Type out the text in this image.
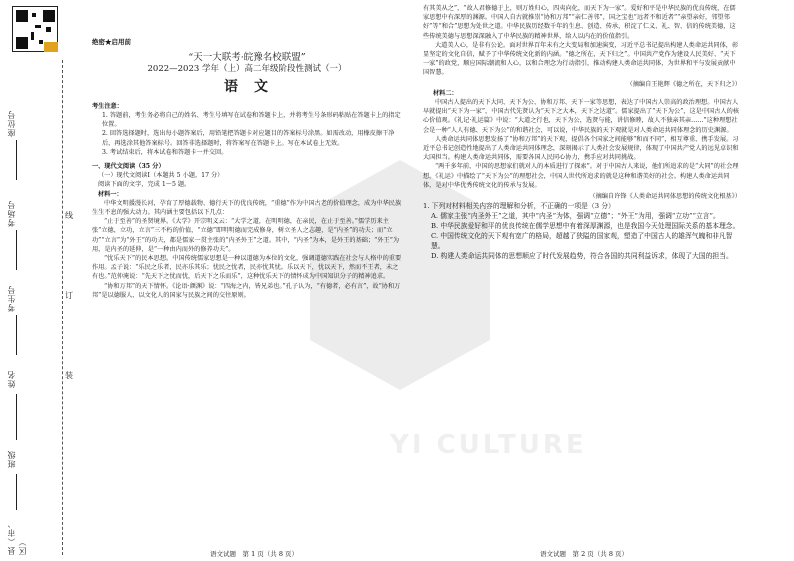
座位号
考场号
考生号
姓名
班级
县（市、区）
线
订
装
YI CULTURE
绝密★启用前
“天一大联考·皖豫名校联盟”
2022—2023 学年（上）高二年级阶段性测试（一）
语文
考生注意：

1. 答题前，考生务必将自己的姓名、考生号填写在试卷和答题卡上，并将考生号条形码粘贴在答题卡上的指定位置。

2. 回答选择题时，选出每小题答案后，用铅笔把答题卡对应题目的答案标号涂黑。如需改动，用橡皮擦干净后，再选涂其他答案标号。回答非选择题时，将答案写在答题卡上。写在本试卷上无效。

3. 考试结束后，将本试卷和答题卡一并交回。

一、现代文阅读（35 分）
（一）现代文阅读Ⅰ（本题共 5 小题，17 分）
阅读下面的文字，完成 1～5 题。
材料一：

中华文明援漫长河，孕育了厚德载物、德行天下的优良传统，“重德”作为中国古老的价值理念，成为中华民族生生不息的强大动力。其内涵主要包括以下几点：

“止于至善”的圣贤境界。《大学》开宗明义云：“大学之道，在明明德，在亲民，在止于至善。”儒学历来主张“立德，立功，立言”三不朽的价值，“立德”即明明德而完成修身，树立圣人之志趣，是“内圣”的功夫；而“立功”“立言”为“外王”的功夫，都是儒家一贯主张的“内圣外王”之道。其中，“内圣”为本，是外王的基础；“外王”为用，是内圣的延伸，是“一种由内而外的修养功夫”。

“忧乐天下”的民本思想。中国传统儒家思想是一种以道德为本位的文化，强调道德实践在社会与人格中的重要作用。孟子说：“乐民之乐者，民亦乐其乐；忧民之忧者，民亦忧其忧。乐以天下，忧以天下，然而不王者，未之有也。”范仲淹说：“先天下之忧而忧，后天下之乐而乐”，这种忧乐天下的情怀成为中国知识分子的精神追求。

“协和万邦”的天下情怀。《论语·颜渊》说：“四海之内，皆兄弟也。”孔子认为，“有德者，必有言”，故“协和万邦”是以德服人、以文化人的国家与民族之间的交往原则。

语文试题　第 1 页（共 8 页）

有其美从之”，“故人君修德于上，则万姓归心，四夷向化，而天下为一家”。爱好和平是中华民族的优良传统，在儒家思想中有深厚的渊源。中国人自古就推崇“协和万邦”“亲仁善邻”，国之宝也“远者不和近者”“亲望亲好，邻望邻好”等“和合”思想为处世之道。中华民族历经数千年的生息、创造、传承，积淀了仁义、礼、智、信的传统美德，这些传统美德与思想深深融入了中华民族的精神世界，给人以内在的价值指引。

大道美人心，是非有公论。面对世界百年未有之大变局和加速演变，习近平总书记提出构建人类命运共同体，彰显坚定的文化自信，赋予了中华传统文化新的内涵。“德之所在，天下归之”。中国共产党作为建设人民美好、“天下一家”的政党，顺应国际潮流和人心，以和合理念为行动指引，推动构建人类命运共同体，为世界和平与发展贡献中国智慧。

（摘编自王艳辉《德之所在，天下归之》）
材料二：

中国古人提出的天下大同、天下为公、协和万邦、天下一家等思想，表达了中国古人崇高的政治理想。中国古人早就提出“天下为一家”，中国古代先贤认为“天下之大本，天下之达道”。儒家提出了“天下为公”，这是中国古人的核心价值观。《礼记·礼运篇》中说：“大道之行也，天下为公，选贤与能，讲信修睦，故人不独亲其亲……”这种理想社会是一种“人人有德、天下为公”的和谐社会，可以说，中华民族的天下观就是对人类命运共同体理念的历史渊源。

人类命运共同体思想发扬了“协和万邦”的天下观，提倡各个国家之间能够“和而不同”，相互尊重、携手发展。习近平总书记创造性地提出了人类命运共同体理念，深刻揭示了人类社会发展规律，体现了中国共产党人的远见卓识和大国担当。构建人类命运共同体，需要各国人民同心协力，携手应对共同挑战。

“两千多年前，中国的思想家们就对人的本质进行了探索”。对于中国古人来说，他们所追求的是“大同”的社会理想。《礼运》中描绘了“天下为公”的理想社会，中国人世代所追求的就是这种和谐美好的社会。构建人类命运共同体，是对中华优秀传统文化的传承与发展。

（摘编自许锋《人类命运共同体思想的传统文化根基》）
1. 下列对材料相关内容的理解和分析，不正确的一项是（3 分）

A. 儒家主张“内圣外王”之道，其中“内圣”为体，强调“立德”；“外王”为用，强调“立功”“立言”。

B. 中华民族爱好和平的优良传统在儒学思想中有着深厚渊源，也是我国今天处理国际关系的基本理念。

C. 中国传统文化的天下观有宽广的格局，超越了狭隘的国家观，塑造了中国古人的雄浑气魄和非凡智慧。

D. 构建人类命运共同体的思想顺应了时代发展趋势，符合各国的共同利益诉求，体现了大国的担当。

语文试题　第 2 页（共 8 页）
